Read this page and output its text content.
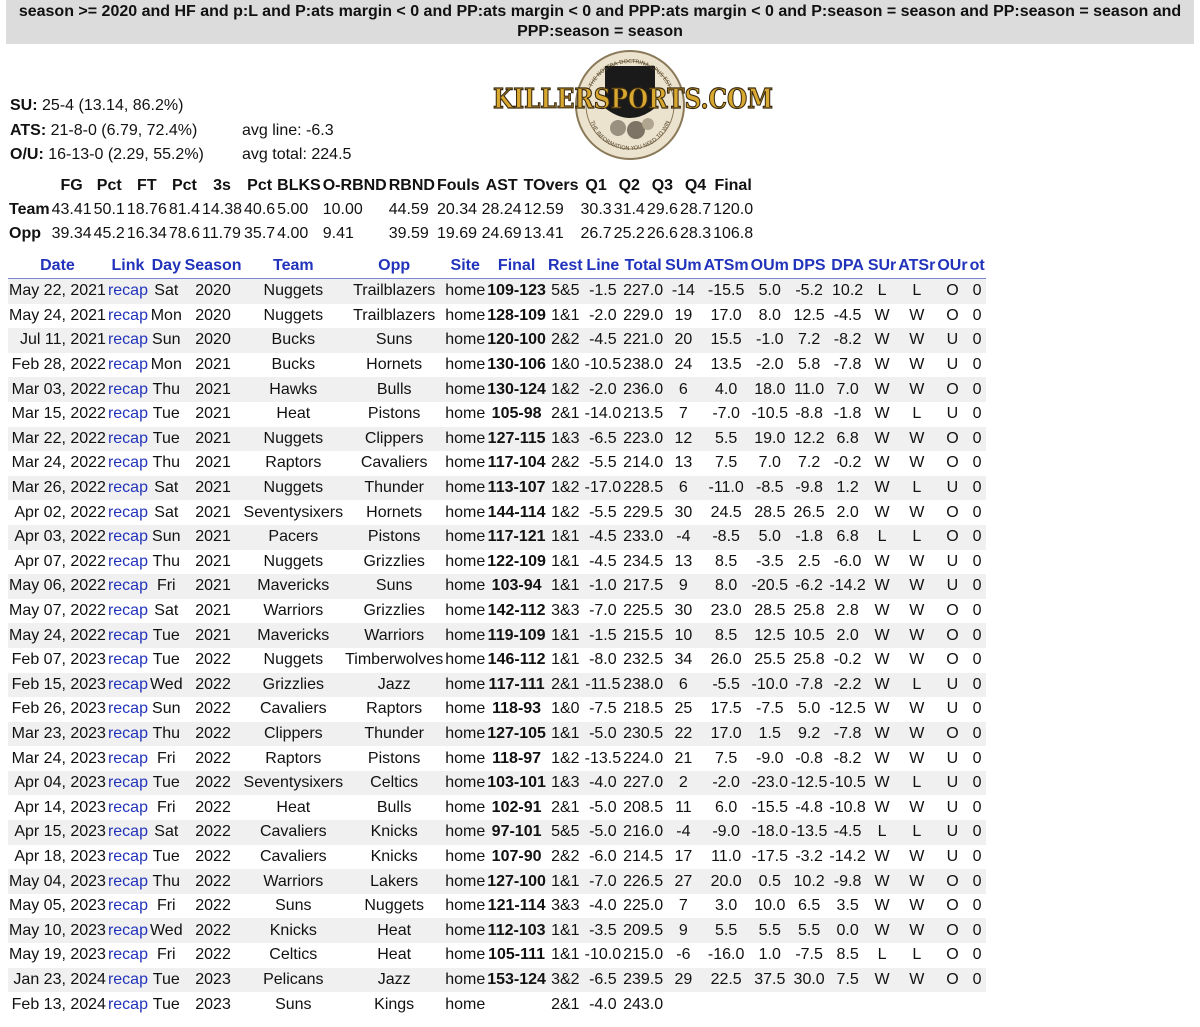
season >= 2020 and HF and p:L and P:ats margin < 0 and PP:ats margin < 0 and PPP:ats margin < 0 and P:season = season and PP:season = season and PPP:season = season
KILLERSPORTS.COM
THE NOSTRA DOCTRINA OPUS EST
THE INFORMATION YOU NEED TO WIN
SU: 25-4 (13.14, 86.2%)
ATS: 21-8-0 (6.79, 72.4%)	avg line: -6.3
O/U: 16-13-0 (2.29, 55.2%)	avg total: 224.5
	FG	Pct	FT	Pct	3s	Pct	BLKS	O-RBND	RBND	Fouls	AST	TOvers	Q1	Q2	Q3	Q4	Final
Team	43.41	50.1	18.76	81.4	14.38	40.6	5.00	10.00	44.59	20.34	28.24	12.59	30.3	31.4	29.6	28.7	120.0
Opp	39.34	45.2	16.34	78.6	11.79	35.7	4.00	9.41	39.59	19.69	24.69	13.41	26.7	25.2	26.6	28.3	106.8
Date	Link	Day	Season	Team	Opp	Site	Final	Rest	Line	Total	SUm	ATSm	OUm	DPS	DPA	SUr	ATSr	OUr	ot
May 22, 2021	recap	Sat	2020	Nuggets	Trailblazers	home	109-123	5&5	-1.5	227.0	-14	-15.5	5.0	-5.2	10.2	L	L	O	0
May 24, 2021	recap	Mon	2020	Nuggets	Trailblazers	home	128-109	1&1	-2.0	229.0	19	17.0	8.0	12.5	-4.5	W	W	O	0
Jul 11, 2021	recap	Sun	2020	Bucks	Suns	home	120-100	2&2	-4.5	221.0	20	15.5	-1.0	7.2	-8.2	W	W	U	0
Feb 28, 2022	recap	Mon	2021	Bucks	Hornets	home	130-106	1&0	-10.5	238.0	24	13.5	-2.0	5.8	-7.8	W	W	U	0
Mar 03, 2022	recap	Thu	2021	Hawks	Bulls	home	130-124	1&2	-2.0	236.0	6	4.0	18.0	11.0	7.0	W	W	O	0
Mar 15, 2022	recap	Tue	2021	Heat	Pistons	home	105-98	2&1	-14.0	213.5	7	-7.0	-10.5	-8.8	-1.8	W	L	U	0
Mar 22, 2022	recap	Tue	2021	Nuggets	Clippers	home	127-115	1&3	-6.5	223.0	12	5.5	19.0	12.2	6.8	W	W	O	0
Mar 24, 2022	recap	Thu	2021	Raptors	Cavaliers	home	117-104	2&2	-5.5	214.0	13	7.5	7.0	7.2	-0.2	W	W	O	0
Mar 26, 2022	recap	Sat	2021	Nuggets	Thunder	home	113-107	1&2	-17.0	228.5	6	-11.0	-8.5	-9.8	1.2	W	L	U	0
Apr 02, 2022	recap	Sat	2021	Seventysixers	Hornets	home	144-114	1&2	-5.5	229.5	30	24.5	28.5	26.5	2.0	W	W	O	0
Apr 03, 2022	recap	Sun	2021	Pacers	Pistons	home	117-121	1&1	-4.5	233.0	-4	-8.5	5.0	-1.8	6.8	L	L	O	0
Apr 07, 2022	recap	Thu	2021	Nuggets	Grizzlies	home	122-109	1&1	-4.5	234.5	13	8.5	-3.5	2.5	-6.0	W	W	U	0
May 06, 2022	recap	Fri	2021	Mavericks	Suns	home	103-94	1&1	-1.0	217.5	9	8.0	-20.5	-6.2	-14.2	W	W	U	0
May 07, 2022	recap	Sat	2021	Warriors	Grizzlies	home	142-112	3&3	-7.0	225.5	30	23.0	28.5	25.8	2.8	W	W	O	0
May 24, 2022	recap	Tue	2021	Mavericks	Warriors	home	119-109	1&1	-1.5	215.5	10	8.5	12.5	10.5	2.0	W	W	O	0
Feb 07, 2023	recap	Tue	2022	Nuggets	Timberwolves	home	146-112	1&1	-8.0	232.5	34	26.0	25.5	25.8	-0.2	W	W	O	0
Feb 15, 2023	recap	Wed	2022	Grizzlies	Jazz	home	117-111	2&1	-11.5	238.0	6	-5.5	-10.0	-7.8	-2.2	W	L	U	0
Feb 26, 2023	recap	Sun	2022	Cavaliers	Raptors	home	118-93	1&0	-7.5	218.5	25	17.5	-7.5	5.0	-12.5	W	W	U	0
Mar 23, 2023	recap	Thu	2022	Clippers	Thunder	home	127-105	1&1	-5.0	230.5	22	17.0	1.5	9.2	-7.8	W	W	O	0
Mar 24, 2023	recap	Fri	2022	Raptors	Pistons	home	118-97	1&2	-13.5	224.0	21	7.5	-9.0	-0.8	-8.2	W	W	U	0
Apr 04, 2023	recap	Tue	2022	Seventysixers	Celtics	home	103-101	1&3	-4.0	227.0	2	-2.0	-23.0	-12.5	-10.5	W	L	U	0
Apr 14, 2023	recap	Fri	2022	Heat	Bulls	home	102-91	2&1	-5.0	208.5	11	6.0	-15.5	-4.8	-10.8	W	W	U	0
Apr 15, 2023	recap	Sat	2022	Cavaliers	Knicks	home	97-101	5&5	-5.0	216.0	-4	-9.0	-18.0	-13.5	-4.5	L	L	U	0
Apr 18, 2023	recap	Tue	2022	Cavaliers	Knicks	home	107-90	2&2	-6.0	214.5	17	11.0	-17.5	-3.2	-14.2	W	W	U	0
May 04, 2023	recap	Thu	2022	Warriors	Lakers	home	127-100	1&1	-7.0	226.5	27	20.0	0.5	10.2	-9.8	W	W	O	0
May 05, 2023	recap	Fri	2022	Suns	Nuggets	home	121-114	3&3	-4.0	225.0	7	3.0	10.0	6.5	3.5	W	W	O	0
May 10, 2023	recap	Wed	2022	Knicks	Heat	home	112-103	1&1	-3.5	209.5	9	5.5	5.5	5.5	0.0	W	W	O	0
May 19, 2023	recap	Fri	2022	Celtics	Heat	home	105-111	1&1	-10.0	215.0	-6	-16.0	1.0	-7.5	8.5	L	L	O	0
Jan 23, 2024	recap	Tue	2023	Pelicans	Jazz	home	153-124	3&2	-6.5	239.5	29	22.5	37.5	30.0	7.5	W	W	O	0
Feb 13, 2024	recap	Tue	2023	Suns	Kings	home		2&1	-4.0	243.0									
